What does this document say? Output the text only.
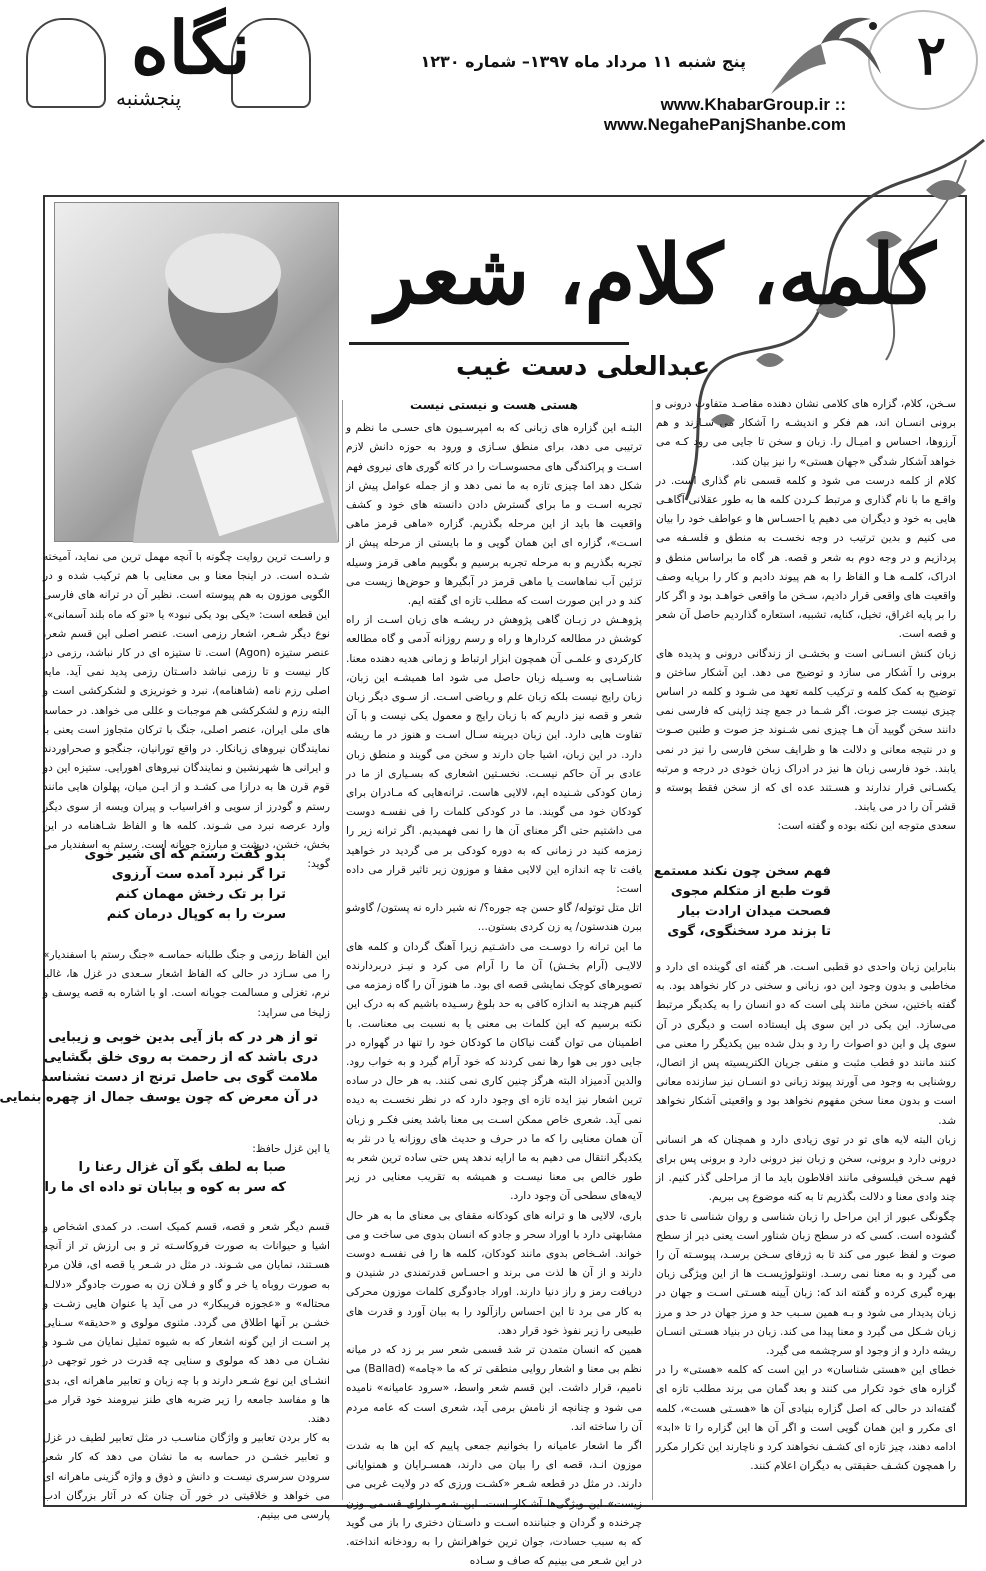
۲
پنج شنبه ۱۱ مرداد ماه ۱۳۹۷– شماره ۱۲۳۰
www.KhabarGroup.ir :: www.NegahePanjShanbe.com
نگاه
پنجشنبه
کلمه، کلام، شعر
عبدالعلی دست غیب

سـخن، کلام، گزاره های کلامی نشان دهنده مقاصـد متفاوت درونی و برونی انسـان اند، هم فکر و اندیشـه را آشکار می سـازند و هم آرزوها، احساس و امیـال را. زبان و سخن تا جایی می رود کـه می خواهد آشکار شدگی «جهان هستی» را نیز بیان کند.

کلام از کلمه درست می شود و کلمه قسمی نام گذاری است. در واقـع ما با نام گذاری و مرتبط کـردن کلمه ها به طور عقلانی آگاهـی هایی به خود و دیگران می دهیم یا احسـاس ها و عواطف خود را بیان می کنیم و بدین ترتیب در وجه نخسـت به منطق و فلسـفه می پردازیم و در وجه دوم به شعر و قصه. هر گاه ما براساس منطق و ادراک، کلمـه هـا و الفاظ را به هم پیوند دادیم و کار را برپایه وصف واقعیت های واقعی قرار دادیم، سـخن ما واقعی خواهـد بود و اگر کار را بر پایه اغراق، تخیل، کنایه، تشبیه، استعاره گذاردیم حاصل آن شعر و قصه است.

زبان کنش انسـانی است و بخشـی از زندگانی درونی و پدیده های برونی را آشکار می سازد و توضیح می دهد. این آشکار ساختن و توضیح به کمک کلمه و ترکیب کلمه تعهد می شـود و کلمه در اساس چیزی نیست جز صوت. اگر شـما در جمع چند ژاپنی که فارسی نمی دانند سخن گویید آن هـا چیزی نمی شـنوند جز صوت و طنین صـوت و در نتیجه معانی و دلالت ها و ظرایف سخن فارسی را نیز در نمی یابند. خود فارسی زبان ها نیز در ادراک زبان خودی در درجه و مرتبه یکسـانی قرار ندارند و هسـتند عده ای که از سخن فقط پوسته و قشر آن را در می یابند.

سعدی متوجه این نکته بوده و گفته است:

فهم سخن چون نکند مستمع
قوت طبع از متکلم مجوی
فصحت میدان ارادت بیار
تا بزند مرد سخنگوی، گوی

بنابراین زبان واحدی دو قطبی اسـت. هر گفته ای گوینده ای دارد و مخاطبی و بدون وجود این دو، زبانی و سخنی در کار نخواهد بود. به گفته باختین، سخن مانند پلی است که دو انسان را به یکدیگر مرتبط می‌سازد. این یکی در این سوی پل ایستاده است و دیگری در آن سوی پل و این دو اصوات را رد و بدل شده بین یکدیگر را معنی می کنند مانند دو قطب مثبت و منفی جریان الکتریسیته پس از اتصال، روشنایی به وجود می آورند پیوند زبانی دو انسـان نیز سازنده معانی است و بدون معنا سخن مفهوم نخواهد بود و واقعیتی آشکار نخواهد شد.

زبان البته لایه های تو در توی زیادی دارد و همچنان که هر انسانی درونی دارد و برونی، سخن و زبان نیز درونی دارد و برونی پس برای فهم سـخن فیلسوفی مانند افلاطون باید ما از مراحلی گذر کنیم. از چند وادی معنا و دلالت بگذریم تا به کنه موضوع پی ببریم.

چگونگی عبور از این مراحل را زبان شناسی و روان شناسی تا حدی گشوده است. کسی که در سطح زبان شناور است یعنی دیر از سطح صوت و لفظ عبور می کند تا به ژرفای سـخن برسـد، پیوسـته آن را می گیرد و به معنا نمی رسـد. اونتولوژیسـت ها از این ویژگی زبان بهره گیری کرده و گفته اند که: زبان آیینه هسـتی اسـت و جهان در زبان پدیدار می شود و بـه همین سـبب حد و مرز جهان در حد و مرز زبان شـکل می گیرد و معنا پیدا می کند. زبان در بنیاد هسـتی انسـان ریشه دارد و از وجود او سرچشمه می گیرد.

خطای این «هستی شناسان» در این است که کلمه «هستی» را در گزاره های خود تکرار می کنند و بعد گمان می برند مطلب تازه ای گفته‌اند در حالی که اصل گزاره بنیادی آن ها «هسـتی هست»، کلمه ای مکرر و این همان گویی است و اگر آن ها این گزاره را تا «ابد» ادامه دهند، چیز تازه ای کشـف نخواهند کرد و ناچارند این تکرار مکرر را همچون کشـف حقیقتی به دیگران اعلام کنند.

هستی هست و نیستی نیست

البتـه این گزاره های زبانی که به امپرسـیون های حسـی ما نظم و ترتیبی می دهد، برای منطق سـازی و ورود به حوزه دانش لازم اسـت و پراکندگی های محسوسـات را در کاته گوری های نیروی فهم شکل دهد اما چیزی تازه به ما نمی دهد و از جمله عوامل پیش از تجربه اسـت و ما برای گسترش دادن دانسته های خود و کشف واقعیت ها باید از این مرحله بگذریم. گزاره «ماهی قرمز ماهی اسـت»، گزاره ای این همان گویی و ما بایستی از مرحله پیش از تجربه بگذریم و به مرحله تجربه برسیم و بگوییم ماهی قرمز وسیله تزئین آب نماهاست یا ماهی قرمز در آبگیرها و حوض‌ها زیست می کند و در این صورت است که مطلب تازه ای گفته ایم.

پژوهـش در زبـان گاهی پژوهش در ریشـه های زبان اسـت از راه کوشش در مطالعه کردارها و راه و رسم روزانه آدمی و گاه مطالعه کارکردی و علمـی آن همچون ابزار ارتباط و زمانی هدیه دهنده معنا. شناسـایی به وسـیله زبان حاصل می شود اما همیشـه این زبان، زبان رایج نیست بلکه زبان علم و ریاضی اسـت. از سـوی دیگر زبان شعر و قصه نیز داریم که با زبان رایج و معمول یکی نیست و با آن تفاوت هایی دارد. این زبان دیرینه سـال اسـت و هنوز در ما ریشه دارد. در این زبان، اشیا جان دارند و سخن می گویند و منطق زبان عادی بر آن حاکم نیسـت. نخسـتین اشعاری که بسـیاری از ما در زمان کودکی شـنیده ایم، لالایی هاست. ترانه‌هایی که مـادران برای کودکان خود می گویند. ما در کودکی کلمات را فی نفسـه دوست می داشتیم حتی اگر معنای آن ها را نمی فهمیدیم. اگر ترانه زیر را زمزمه کنید در زمانی که به دوره کودکی بر می گردید در خواهید یافت تا چه اندازه این لالایی مقفا و موزون زیر تاثیر قرار می داده است:

اتل متل توتوله/ گاو حسن چه جوره؟/ نه شیر داره نه پستون/ گاوشو ببرن هندستون/ یه زن کردی بستون...

ما این ترانه را دوسـت می داشـتیم زیرا آهنگ گردان و کلمه های لالایـی (آرام بخـش) آن ما را آرام می کرد و نیـز دربردارنده تصویرهای کوچک نمایشی قصه ای بود. ما هنوز آن را گاه زمزمه می کنیم هرچند به اندازه کافی به حد بلوغ رسـیده باشیم که به درک این نکته برسیم که این کلمات بی معنی یا به نسبت بی معناست. با اطمینان می توان گفت نیاکان ما کودکان خود را تنها در گهواره در جایی دور بی هوا رها نمی کردند که خود آرام گیرد و به خواب رود. والدین آدمیزاد البته هرگز چنین کاری نمی کنند. به هر حال در ساده ترین اشعار نیز ایده تازه ای وجود دارد که در نظر نخسـت به دیده نمی آید. شعری خاص ممکن اسـت بی معنا باشد یعنی فکـر و زبان آن همان معنایی را که ما در حرف و حدیث های روزانه یا در نثر به یکدیگر انتقال می دهیم به ما ارایه ندهد پس حتی ساده ترین شعر به طور خالص بی معنا نیسـت و همیشه به تقریب معنایی در زیر لایه‌های سطحی آن وجود دارد.

باری، لالایی ها و ترانه های کودکانه مقفای بی معنای ما به هر حال مشابهتی دارد با اوراد سحر و جادو که انسان بدوی می ساخت و می خواند. اشـخاص بدوی مانند کودکان، کلمه ها را فی نفسـه دوست دارند و از آن ها لذت می برند و احسـاس قدرتمندی در شنیدن و دریافت رمز و راز دنیا دارند. اوراد جادوگری کلمات موزون محرکی به کار می برد تا این احساس رازآلود را به بیان آورد و قدرت های طبیعی را زیر نفوذ خود قرار دهد.

همین که انسان متمدن تر شد قسمی شعر سر بر زد که در میانه نظم بی معنا و اشعار روایی منطقی تر که ما «چامه» (Ballad) می نامیم، قرار داشت. این قسم شعر واسط، «سرود عامیانه» نامیده می شود و چنانچه از نامش برمی آید، شعری است که عامه مردم آن را ساخته اند.

اگر ما اشعار عامیانه را بخوانیم جمعی پاییم که این ها به شدت موزون انـد، قصه ای را بیان می دارند، همسـرایان و همنوایانی دارند. در مثل در قطعه شـعر «کشـت ورزی که در ولایت غربی می زیست» این ویژگی‌ها آشـکار است. این شـعر دارای قسـمی وزن چرخنده و گردان و جنباننده اسـت و داسـتان دختری را باز می گوید که به سبب حسادت، جوان ترین خواهرانش را به رودخانه انداخته. در این شـعر می بینیم که صاف و سـاده

و راسـت ترین روایت چگونه با آنچه مهمل ترین می نماید، آمیخته شـده است. در اینجا معنا و بی معنایی با هم ترکیب شده و در الگویی موزون به هم پیوسته است. نظیر آن در ترانه های فارسی این قطعه است: «یکی بود یکی نبود» یا «تو که ماه بلند آسمانی».

نوع دیگر شـعر، اشعار رزمی است. عنصر اصلی این قسم شعر، عنصر ستیزه (Agon) است. تا ستیزه ای در کار نباشد، رزمی در کار نیست و تا رزمی نباشد داسـتان رزمی پدید نمی آید. مایه اصلی رزم نامه (شاهنامه)، نبرد و خونریزی و لشکرکشی است و البته رزم و لشکرکشی هم موجبات و عللی می خواهد. در حماسه های ملی ایران، عنصر اصلی، جنگ با ترکان متجاوز است یعنی با نمایندگان نیروهای زیانکار. در واقع تورانیان، جنگجو و صحراوردند و ایرانی ها شهرنشین و نمایندگان نیروهای اهورایی. ستیزه این دو قوم قرن ها به درازا می کشـد و از ایـن میان، پهلوان هایی مانند رستم و گودرز از سویی و افراسیاب و پیران ویسه از سوی دیگر وارد عرصه نبرد می شـوند. کلمه ها و الفاظ شـاهنامه در این بخش، خشن، درشت و مبارزه جویانه است. رستم به اسفندیار می گوید:

بدو گفت رستم که ای شیر خوی
ترا گر نبرد آمده ست آرزوی
ترا بر تک رخش مهمان کنم
سرت را به کوپال درمان کنم

این الفاظ رزمی و جنگ طلبانه حماسـه «جنگ رستم با اسفندیار» را می سـازد در حالی که الفاظ اشعار سـعدی در غزل ها، غالبا نرم، تغزلی و مسالمت جویانه است. او با اشاره به قصه یوسف و زلیخا می سراید:

تو از هر در که باز آیی بدین خوبی و زیبایی
دری باشد که از رحمت به روی خلق بگشایی
ملامت گوی بی حاصل ترنج از دست نشناسد
در آن معرض که چون یوسف جمال از چهره بنمایی

یا این غزل حافظ:

صبا به لطف بگو آن غزال رعنا را
که سر به کوه و بیابان تو داده ای ما را

قسم دیگر شعر و قصه، قسم کمیک است. در کمدی اشخاص و اشیا و حیوانات به صورت فروکاسـته تر و بی ارزش تر از آنچه هسـتند، نمایان می شـوند. در مثل در شـعر یا قصه ای، فلان مرد به صورت روباه یا خر و گاو و فـلان زن به صورت جادوگر «دلالـه محتاله» و «عجوزه فریبکار» در می آید یا عنوان هایی زشـت و خشـن بر آنها اطلاق می گردد. مثنوی مولوی و «حدیقه» سـنایی پر اسـت از این گونه اشعار که به شیوه تمثیل نمایان می شـود و نشـان می دهد که مولوی و سنایی چه قدرت در خور توجهی در انشـای این نوع شـعر دارند و با چه زبان و تعابیر ماهرانه ای، بدی ها و مفاسد جامعه را زیر ضربه های طنز نیرومند خود قرار می دهند.

به کار بردن تعابیر و واژگان مناسـب در مثل تعابیر لطیف در غزل و تعابیر خشـن در حماسه به ما نشان می دهد که کار شعر سرودن سرسری نیسـت و دانش و ذوق و واژه گزینی ماهرانه ای می خواهد و خلاقیتی در خور آن چنان که در آثار بزرگان ادب پارسی می بینیم.
